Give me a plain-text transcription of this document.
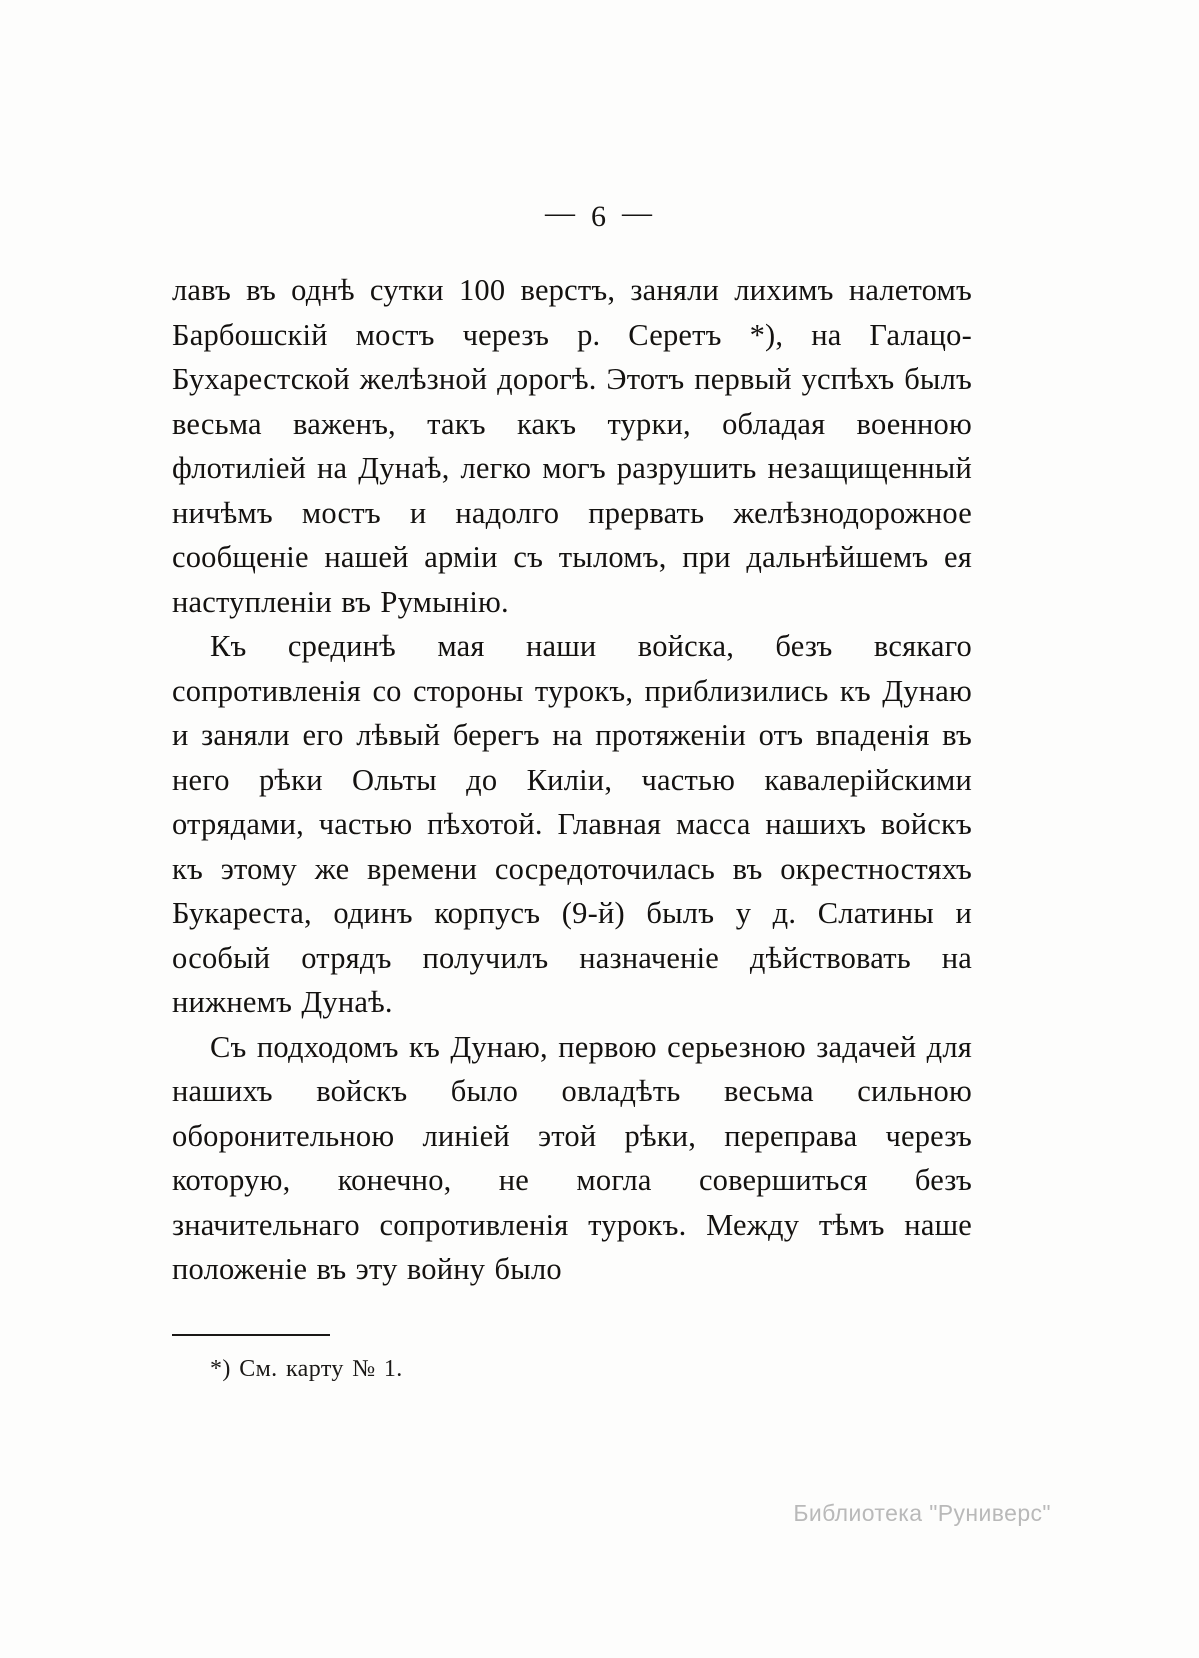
— 6 —

лавъ въ однѣ сутки 100 верстъ, заняли лихимъ налетомъ Барбошскій мостъ черезъ р. Серетъ *), на Галацо-Бухарестской желѣзной дорогѣ. Этотъ первый успѣхъ былъ весьма важенъ, такъ какъ турки, обладая военною флотиліей на Дунаѣ, легко могъ разрушить незащищенный ничѣмъ мостъ и надолго прервать желѣзнодорожное сообщеніе нашей арміи съ тыломъ, при дальнѣйшемъ ея наступленіи въ Румынію.

Къ срединѣ мая наши войска, безъ всякаго сопротивленія со стороны турокъ, приблизились къ Дунаю и заняли его лѣвый берегъ на протяженіи отъ впаденія въ него рѣки Ольты до Киліи, частью кавалерійскими отрядами, частью пѣхотой. Главная масса нашихъ войскъ къ этому же времени сосредоточилась въ окрестностяхъ Букареста, одинъ корпусъ (9-й) былъ у д. Слатины и особый отрядъ получилъ назначеніе дѣйствовать на нижнемъ Дунаѣ.

Съ подходомъ къ Дунаю, первою серьезною задачей для нашихъ войскъ было овладѣть весьма сильною оборонительною линіей этой рѣки, переправа черезъ которую, конечно, не могла совершиться безъ значительнаго сопротивленія турокъ. Между тѣмъ наше положеніе въ эту войну было

*) См. карту № 1.
Библиотека "Руниверс"
